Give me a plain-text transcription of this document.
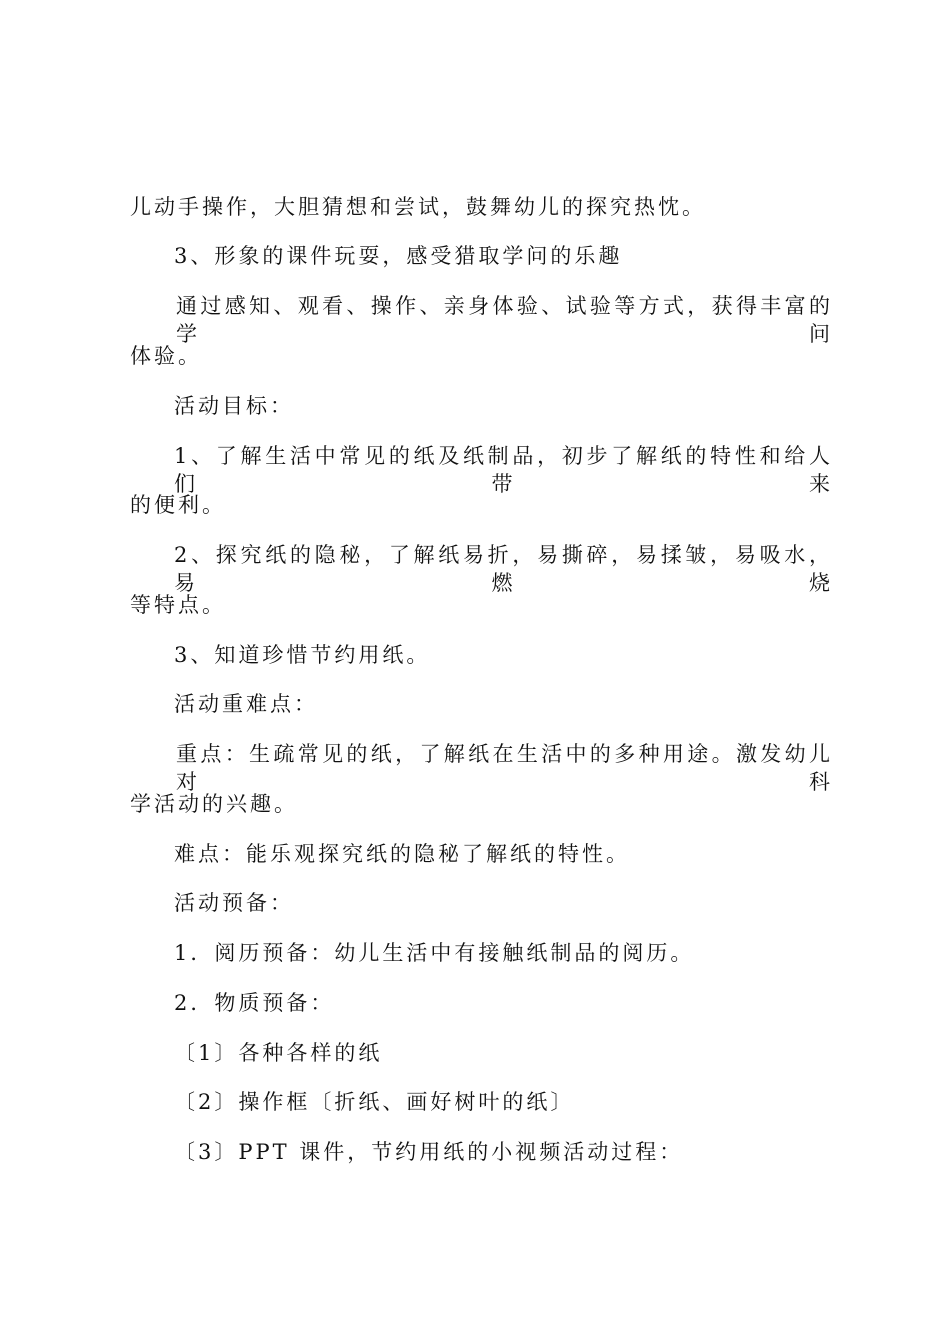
儿动手操作，大胆猜想和尝试，鼓舞幼儿的探究热忱。
3、形象的课件玩耍，感受猎取学问的乐趣
通过感知、观看、操作、亲身体验、试验等方式，获得丰富的学问
体验。
活动目标：
1、了解生活中常见的纸及纸制品，初步了解纸的特性和给人们带来
的便利。
2、探究纸的隐秘，了解纸易折，易撕碎，易揉皱，易吸水，易燃烧
等特点。
3、知道珍惜节约用纸。
活动重难点：
重点：生疏常见的纸，了解纸在生活中的多种用途。激发幼儿对科
学活动的兴趣。
难点：能乐观探究纸的隐秘了解纸的特性。
活动预备：
1．阅历预备：幼儿生活中有接触纸制品的阅历。
2．物质预备：
〔1〕各种各样的纸
〔2〕操作框〔折纸、画好树叶的纸〕
〔3〕PPT 课件，节约用纸的小视频活动过程：
